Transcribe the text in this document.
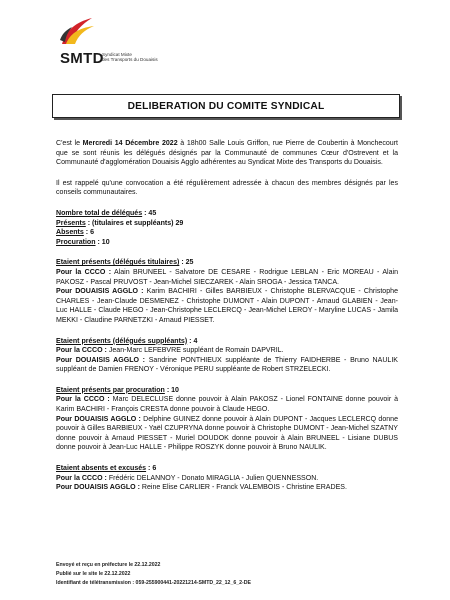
SMTD
Syndicat Mixte
des Transports du Douaisis
DELIBERATION DU COMITE SYNDICAL

C'est le Mercredi 14 Décembre 2022 à 18h00 Salle Louis Griffon, rue Pierre de Coubertin à Monchecourt que se sont réunis les délégués désignés par la Communauté de communes Cœur d'Ostrevent et la Communauté d'agglomération Douaisis Agglo adhérentes au Syndicat Mixte des Transports du Douaisis.

Il est rappelé qu'une convocation a été régulièrement adressée à chacun des membres désignés par les conseils communautaires.

Nombre total de délégués : 45

Présents : (titulaires et suppléants) 29

Absents : 6

Procuration : 10

Etaient présents (délégués titulaires) : 25

Pour la CCCO : Alain BRUNEEL - Salvatore DE CESARE - Rodrigue LEBLAN - Eric MOREAU - Alain PAKOSZ - Pascal PRUVOST - Jean-Michel SIECZAREK - Alain SROGA - Jessica TANCA.

Pour DOUAISIS AGGLO : Karim BACHIRI - Gilles BARBIEUX - Christophe BLERVACQUE - Christophe CHARLES - Jean-Claude DESMENEZ - Christophe DUMONT - Alain DUPONT - Arnaud GLABIEN - Jean-Luc HALLE - Claude HEGO - Jean-Christophe LECLERCQ - Jean-Michel LEROY - Maryline LUCAS - Jamila MEKKI - Claudine PARNETZKI - Arnaud PIESSET.

Etaient présents (délégués suppléants) : 4

Pour la CCCO : Jean-Marc LEFEBVRE suppléant de Romain DAPVRIL.

Pour DOUAISIS AGGLO : Sandrine PONTHIEUX suppléante de Thierry FAIDHERBE - Bruno NAULIK suppléant de Damien FRENOY - Véronique PERU suppléante de Robert STRZELECKI.

Etaient présents par procuration : 10

Pour la CCCO : Marc DELECLUSE donne pouvoir à Alain PAKOSZ - Lionel FONTAINE donne pouvoir à Karim BACHIRI - François CRESTA donne pouvoir à Claude HEGO.

Pour DOUAISIS AGGLO : Delphine GUINEZ donne pouvoir à Alain DUPONT - Jacques LECLERCQ donne pouvoir à Gilles BARBIEUX - Yaël CZUPRYNA donne pouvoir à Christophe DUMONT - Jean-Michel SZATNY donne pouvoir à Arnaud PIESSET - Muriel DOUDOK donne pouvoir à Alain BRUNEEL - Lisiane DUBUS donne pouvoir à Jean-Luc HALLE - Philippe ROSZYK donne pouvoir à Bruno NAULIK.

Etaient absents et excusés : 6

Pour la CCCO : Frédéric DELANNOY - Donato MIRAGLIA - Julien QUENNESSON.

Pour DOUAISIS AGGLO : Reine Elise CARLIER - Franck VALEMBOIS - Christine ERADES.

Envoyé et reçu en préfecture le 22.12.2022
Publié sur le site le 22.12.2022
Identifiant de télétransmission : 059-255900441-20221214-SMTD_22_12_6_2-DE
